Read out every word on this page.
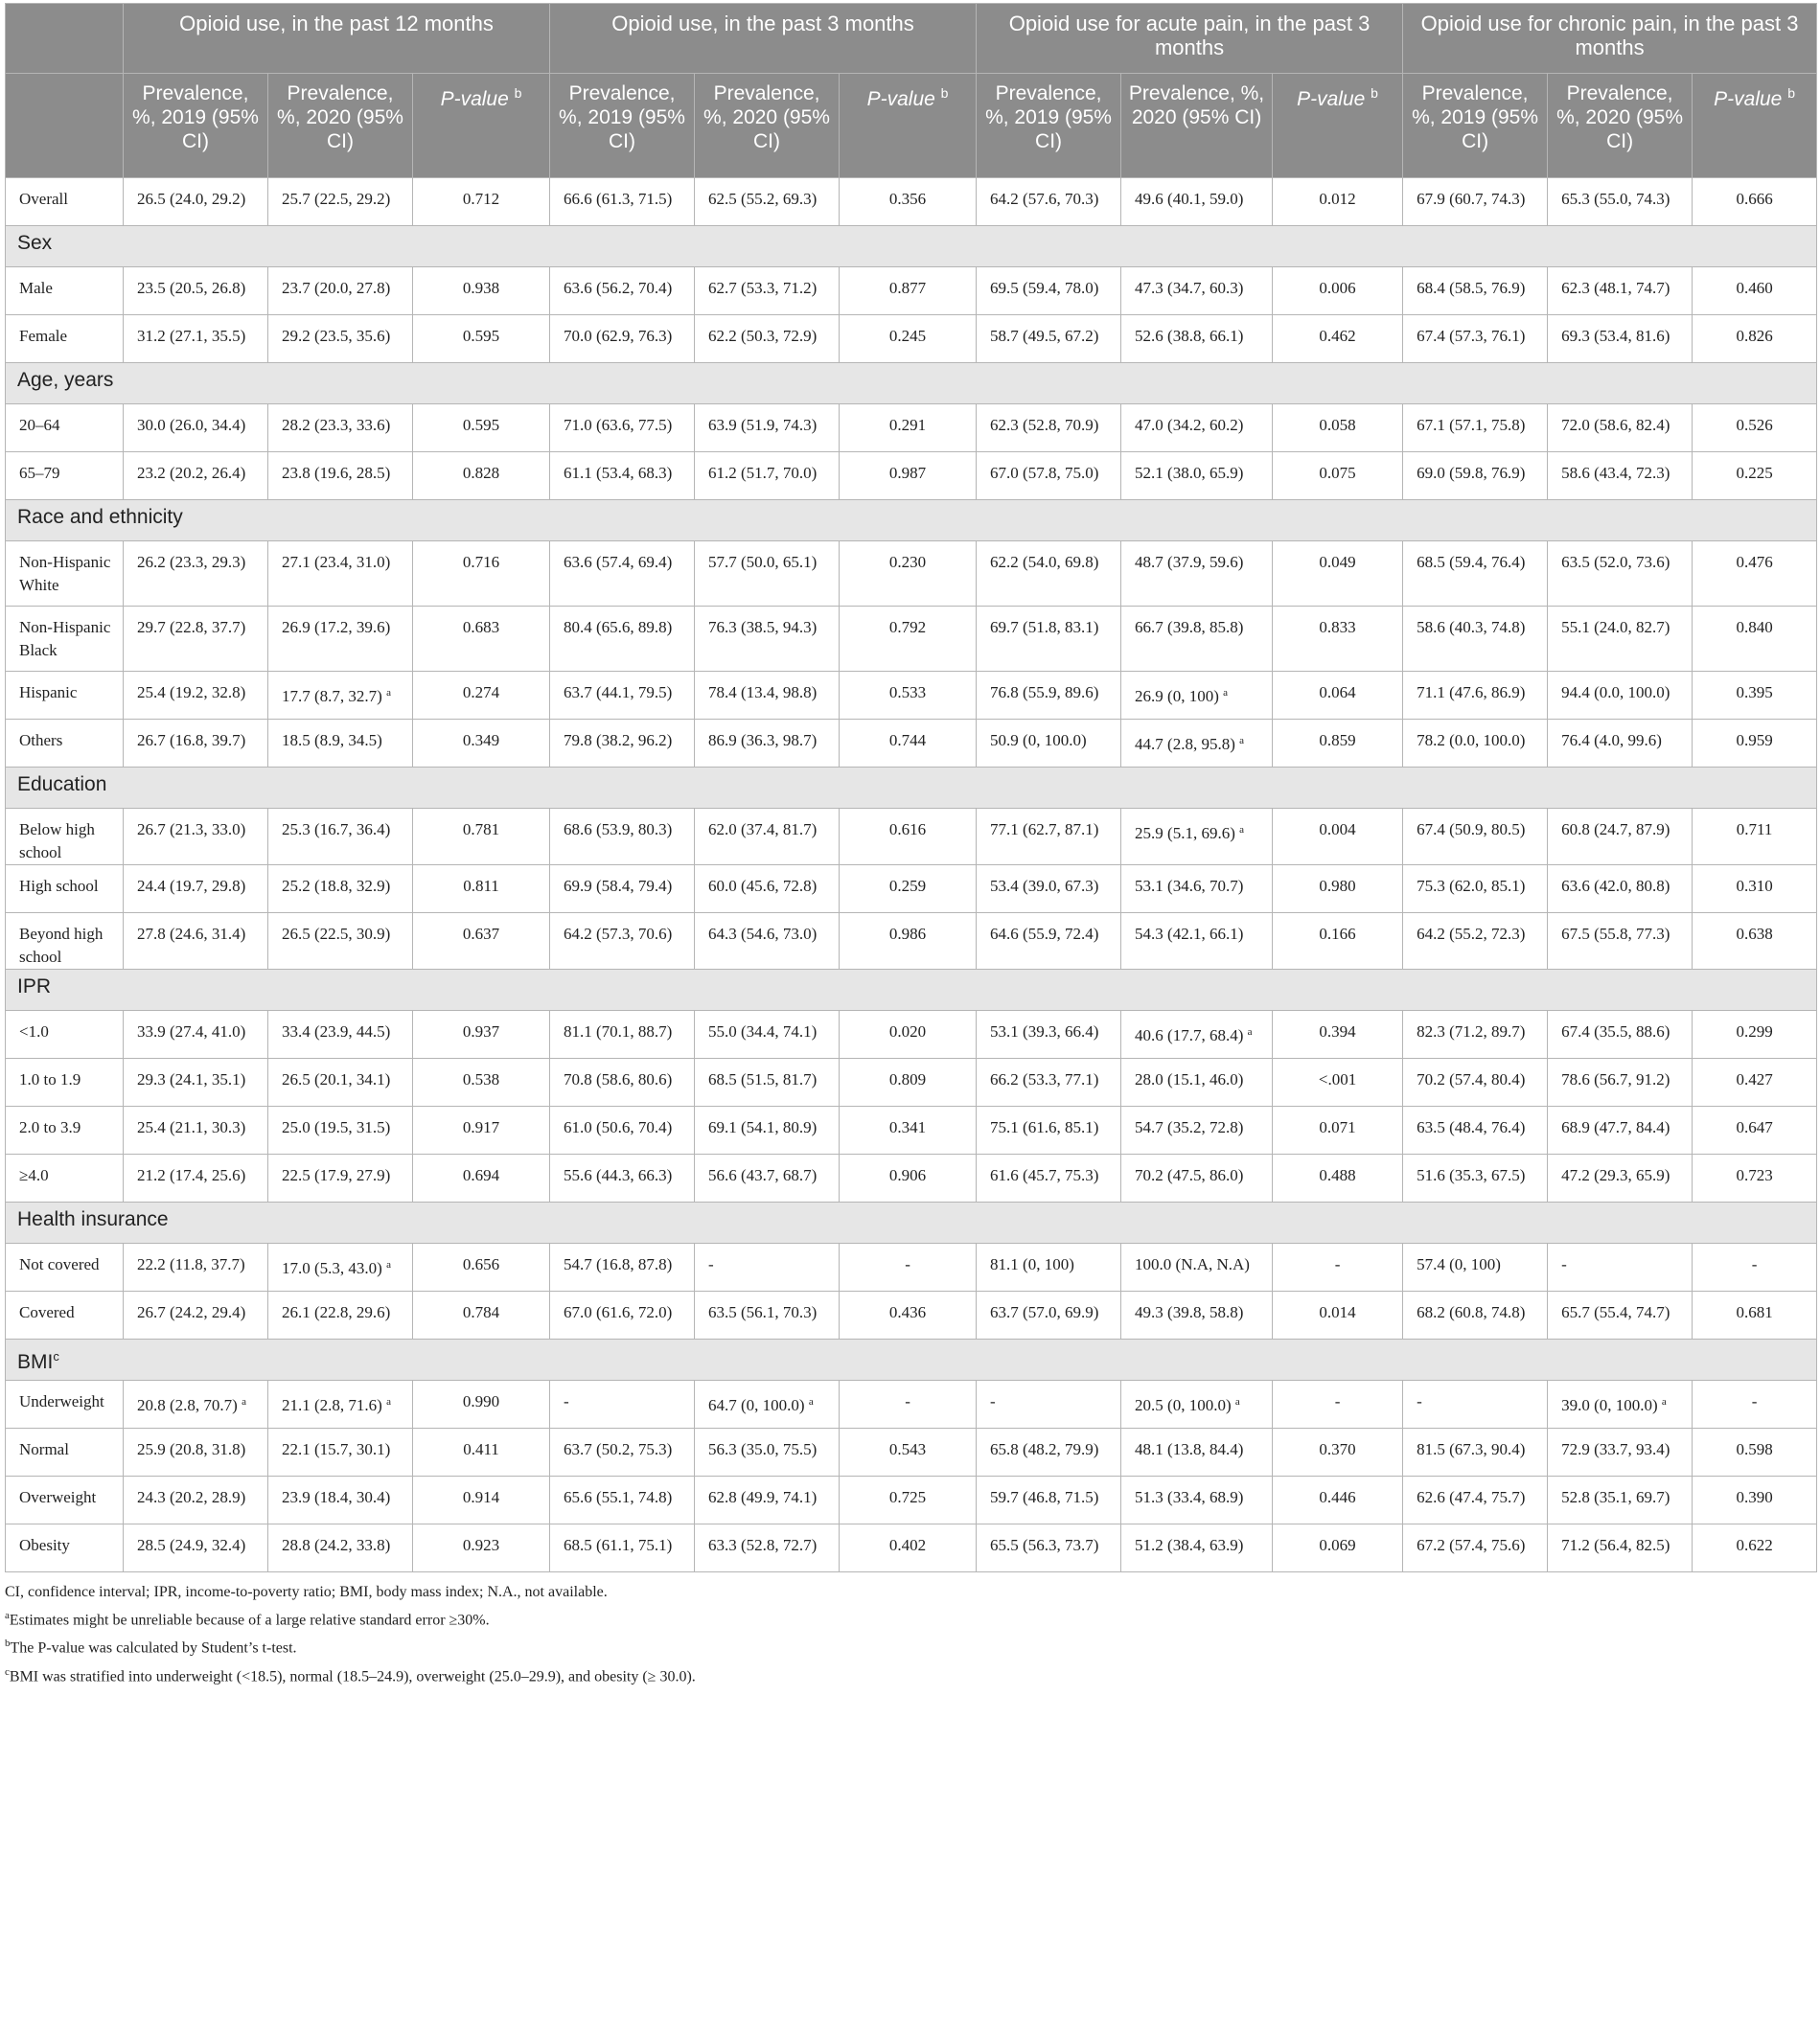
	Opioid use, in the past 12 months			Opioid use, in the past 3 months			Opioid use for acute pain, in the past 3 months			Opioid use for chronic pain, in the past 3 months		
	Prevalence, %, 2019 (95% CI)	Prevalence, %, 2020 (95% CI)	P-value $^b$	Prevalence, %, 2019 (95% CI)	Prevalence, %, 2020 (95% CI)	P-value $^b$	Prevalence, %, 2019 (95% CI)	Prevalence, %, 2020 (95% CI)	P-value $^b$	Prevalence, %, 2019 (95% CI)	Prevalence, %, 2020 (95% CI)	P-value $^b$
Overall	26.5 (24.0, 29.2)	25.7 (22.5, 29.2)	0.712	66.6 (61.3, 71.5)	62.5 (55.2, 69.3)	0.356	64.2 (57.6, 70.3)	49.6 (40.1, 59.0)	0.012	67.9 (60.7, 74.3)	65.3 (55.0, 74.3)	0.666
Sex												
Male	23.5 (20.5, 26.8)	23.7 (20.0, 27.8)	0.938	63.6 (56.2, 70.4)	62.7 (53.3, 71.2)	0.877	69.5 (59.4, 78.0)	47.3 (34.7, 60.3)	0.006	68.4 (58.5, 76.9)	62.3 (48.1, 74.7)	0.460
Female	31.2 (27.1, 35.5)	29.2 (23.5, 35.6)	0.595	70.0 (62.9, 76.3)	62.2 (50.3, 72.9)	0.245	58.7 (49.5, 67.2)	52.6 (38.8, 66.1)	0.462	67.4 (57.3, 76.1)	69.3 (53.4, 81.6)	0.826
Age, years												
20–64	30.0 (26.0, 34.4)	28.2 (23.3, 33.6)	0.595	71.0 (63.6, 77.5)	63.9 (51.9, 74.3)	0.291	62.3 (52.8, 70.9)	47.0 (34.2, 60.2)	0.058	67.1 (57.1, 75.8)	72.0 (58.6, 82.4)	0.526
65–79	23.2 (20.2, 26.4)	23.8 (19.6, 28.5)	0.828	61.1 (53.4, 68.3)	61.2 (51.7, 70.0)	0.987	67.0 (57.8, 75.0)	52.1 (38.0, 65.9)	0.075	69.0 (59.8, 76.9)	58.6 (43.4, 72.3)	0.225
Race and ethnicity												
Non-Hispanic White	26.2 (23.3, 29.3)	27.1 (23.4, 31.0)	0.716	63.6 (57.4, 69.4)	57.7 (50.0, 65.1)	0.230	62.2 (54.0, 69.8)	48.7 (37.9, 59.6)	0.049	68.5 (59.4, 76.4)	63.5 (52.0, 73.6)	0.476
Non-Hispanic Black	29.7 (22.8, 37.7)	26.9 (17.2, 39.6)	0.683	80.4 (65.6, 89.8)	76.3 (38.5, 94.3)	0.792	69.7 (51.8, 83.1)	66.7 (39.8, 85.8)	0.833	58.6 (40.3, 74.8)	55.1 (24.0, 82.7)	0.840
Hispanic	25.4 (19.2, 32.8)	17.7 (8.7, 32.7) $^a$	0.274	63.7 (44.1, 79.5)	78.4 (13.4, 98.8)	0.533	76.8 (55.9, 89.6)	26.9 (0, 100) $^a$	0.064	71.1 (47.6, 86.9)	94.4 (0.0, 100.0)	0.395
Others	26.7 (16.8, 39.7)	18.5 (8.9, 34.5)	0.349	79.8 (38.2, 96.2)	86.9 (36.3, 98.7)	0.744	50.9 (0, 100.0)	44.7 (2.8, 95.8) $^a$	0.859	78.2 (0.0, 100.0)	76.4 (4.0, 99.6)	0.959
Education												
Below high school	26.7 (21.3, 33.0)	25.3 (16.7, 36.4)	0.781	68.6 (53.9, 80.3)	62.0 (37.4, 81.7)	0.616	77.1 (62.7, 87.1)	25.9 (5.1, 69.6) $^a$	0.004	67.4 (50.9, 80.5)	60.8 (24.7, 87.9)	0.711
High school	24.4 (19.7, 29.8)	25.2 (18.8, 32.9)	0.811	69.9 (58.4, 79.4)	60.0 (45.6, 72.8)	0.259	53.4 (39.0, 67.3)	53.1 (34.6, 70.7)	0.980	75.3 (62.0, 85.1)	63.6 (42.0, 80.8)	0.310
Beyond high school	27.8 (24.6, 31.4)	26.5 (22.5, 30.9)	0.637	64.2 (57.3, 70.6)	64.3 (54.6, 73.0)	0.986	64.6 (55.9, 72.4)	54.3 (42.1, 66.1)	0.166	64.2 (55.2, 72.3)	67.5 (55.8, 77.3)	0.638
IPR												
<1.0	33.9 (27.4, 41.0)	33.4 (23.9, 44.5)	0.937	81.1 (70.1, 88.7)	55.0 (34.4, 74.1)	0.020	53.1 (39.3, 66.4)	40.6 (17.7, 68.4) $^a$	0.394	82.3 (71.2, 89.7)	67.4 (35.5, 88.6)	0.299
1.0 to 1.9	29.3 (24.1, 35.1)	26.5 (20.1, 34.1)	0.538	70.8 (58.6, 80.6)	68.5 (51.5, 81.7)	0.809	66.2 (53.3, 77.1)	28.0 (15.1, 46.0)	<.001	70.2 (57.4, 80.4)	78.6 (56.7, 91.2)	0.427
2.0 to 3.9	25.4 (21.1, 30.3)	25.0 (19.5, 31.5)	0.917	61.0 (50.6, 70.4)	69.1 (54.1, 80.9)	0.341	75.1 (61.6, 85.1)	54.7 (35.2, 72.8)	0.071	63.5 (48.4, 76.4)	68.9 (47.7, 84.4)	0.647
≥4.0	21.2 (17.4, 25.6)	22.5 (17.9, 27.9)	0.694	55.6 (44.3, 66.3)	56.6 (43.7, 68.7)	0.906	61.6 (45.7, 75.3)	70.2 (47.5, 86.0)	0.488	51.6 (35.3, 67.5)	47.2 (29.3, 65.9)	0.723
Health insurance												
Not covered	22.2 (11.8, 37.7)	17.0 (5.3, 43.0) $^a$	0.656	54.7 (16.8, 87.8)	-	-	81.1 (0, 100)	100.0 (N.A, N.A)	-	57.4 (0, 100)	-	-
Covered	26.7 (24.2, 29.4)	26.1 (22.8, 29.6)	0.784	67.0 (61.6, 72.0)	63.5 (56.1, 70.3)	0.436	63.7 (57.0, 69.9)	49.3 (39.8, 58.8)	0.014	68.2 (60.8, 74.8)	65.7 (55.4, 74.7)	0.681
BMI$^c$
Underweight	20.8 (2.8, 70.7) $^a$	21.1 (2.8, 71.6) $^a$	0.990	-	64.7 (0, 100.0) $^a$	-	-	20.5 (0, 100.0) $^a$	-	-	39.0 (0, 100.0) $^a$	-
Normal	25.9 (20.8, 31.8)	22.1 (15.7, 30.1)	0.411	63.7 (50.2, 75.3)	56.3 (35.0, 75.5)	0.543	65.8 (48.2, 79.9)	48.1 (13.8, 84.4)	0.370	81.5 (67.3, 90.4)	72.9 (33.7, 93.4)	0.598
Overweight	24.3 (20.2, 28.9)	23.9 (18.4, 30.4)	0.914	65.6 (55.1, 74.8)	62.8 (49.9, 74.1)	0.725	59.7 (46.8, 71.5)	51.3 (33.4, 68.9)	0.446	62.6 (47.4, 75.7)	52.8 (35.1, 69.7)	0.390
Obesity	28.5 (24.9, 32.4)	28.8 (24.2, 33.8)	0.923	68.5 (61.1, 75.1)	63.3 (52.8, 72.7)	0.402	65.5 (56.3, 73.7)	51.2 (38.4, 63.9)	0.069	67.2 (57.4, 75.6)	71.2 (56.4, 82.5)	0.622
CI, confidence interval; IPR, income-to-poverty ratio; BMI, body mass index; N.A., not available.
$^a$Estimates might be unreliable because of a large relative standard error ≥30%.
$^b$The P-value was calculated by Student’s t-test.
$^c$BMI was stratified into underweight (<18.5), normal (18.5–24.9), overweight (25.0–29.9), and obesity (≥ 30.0).
